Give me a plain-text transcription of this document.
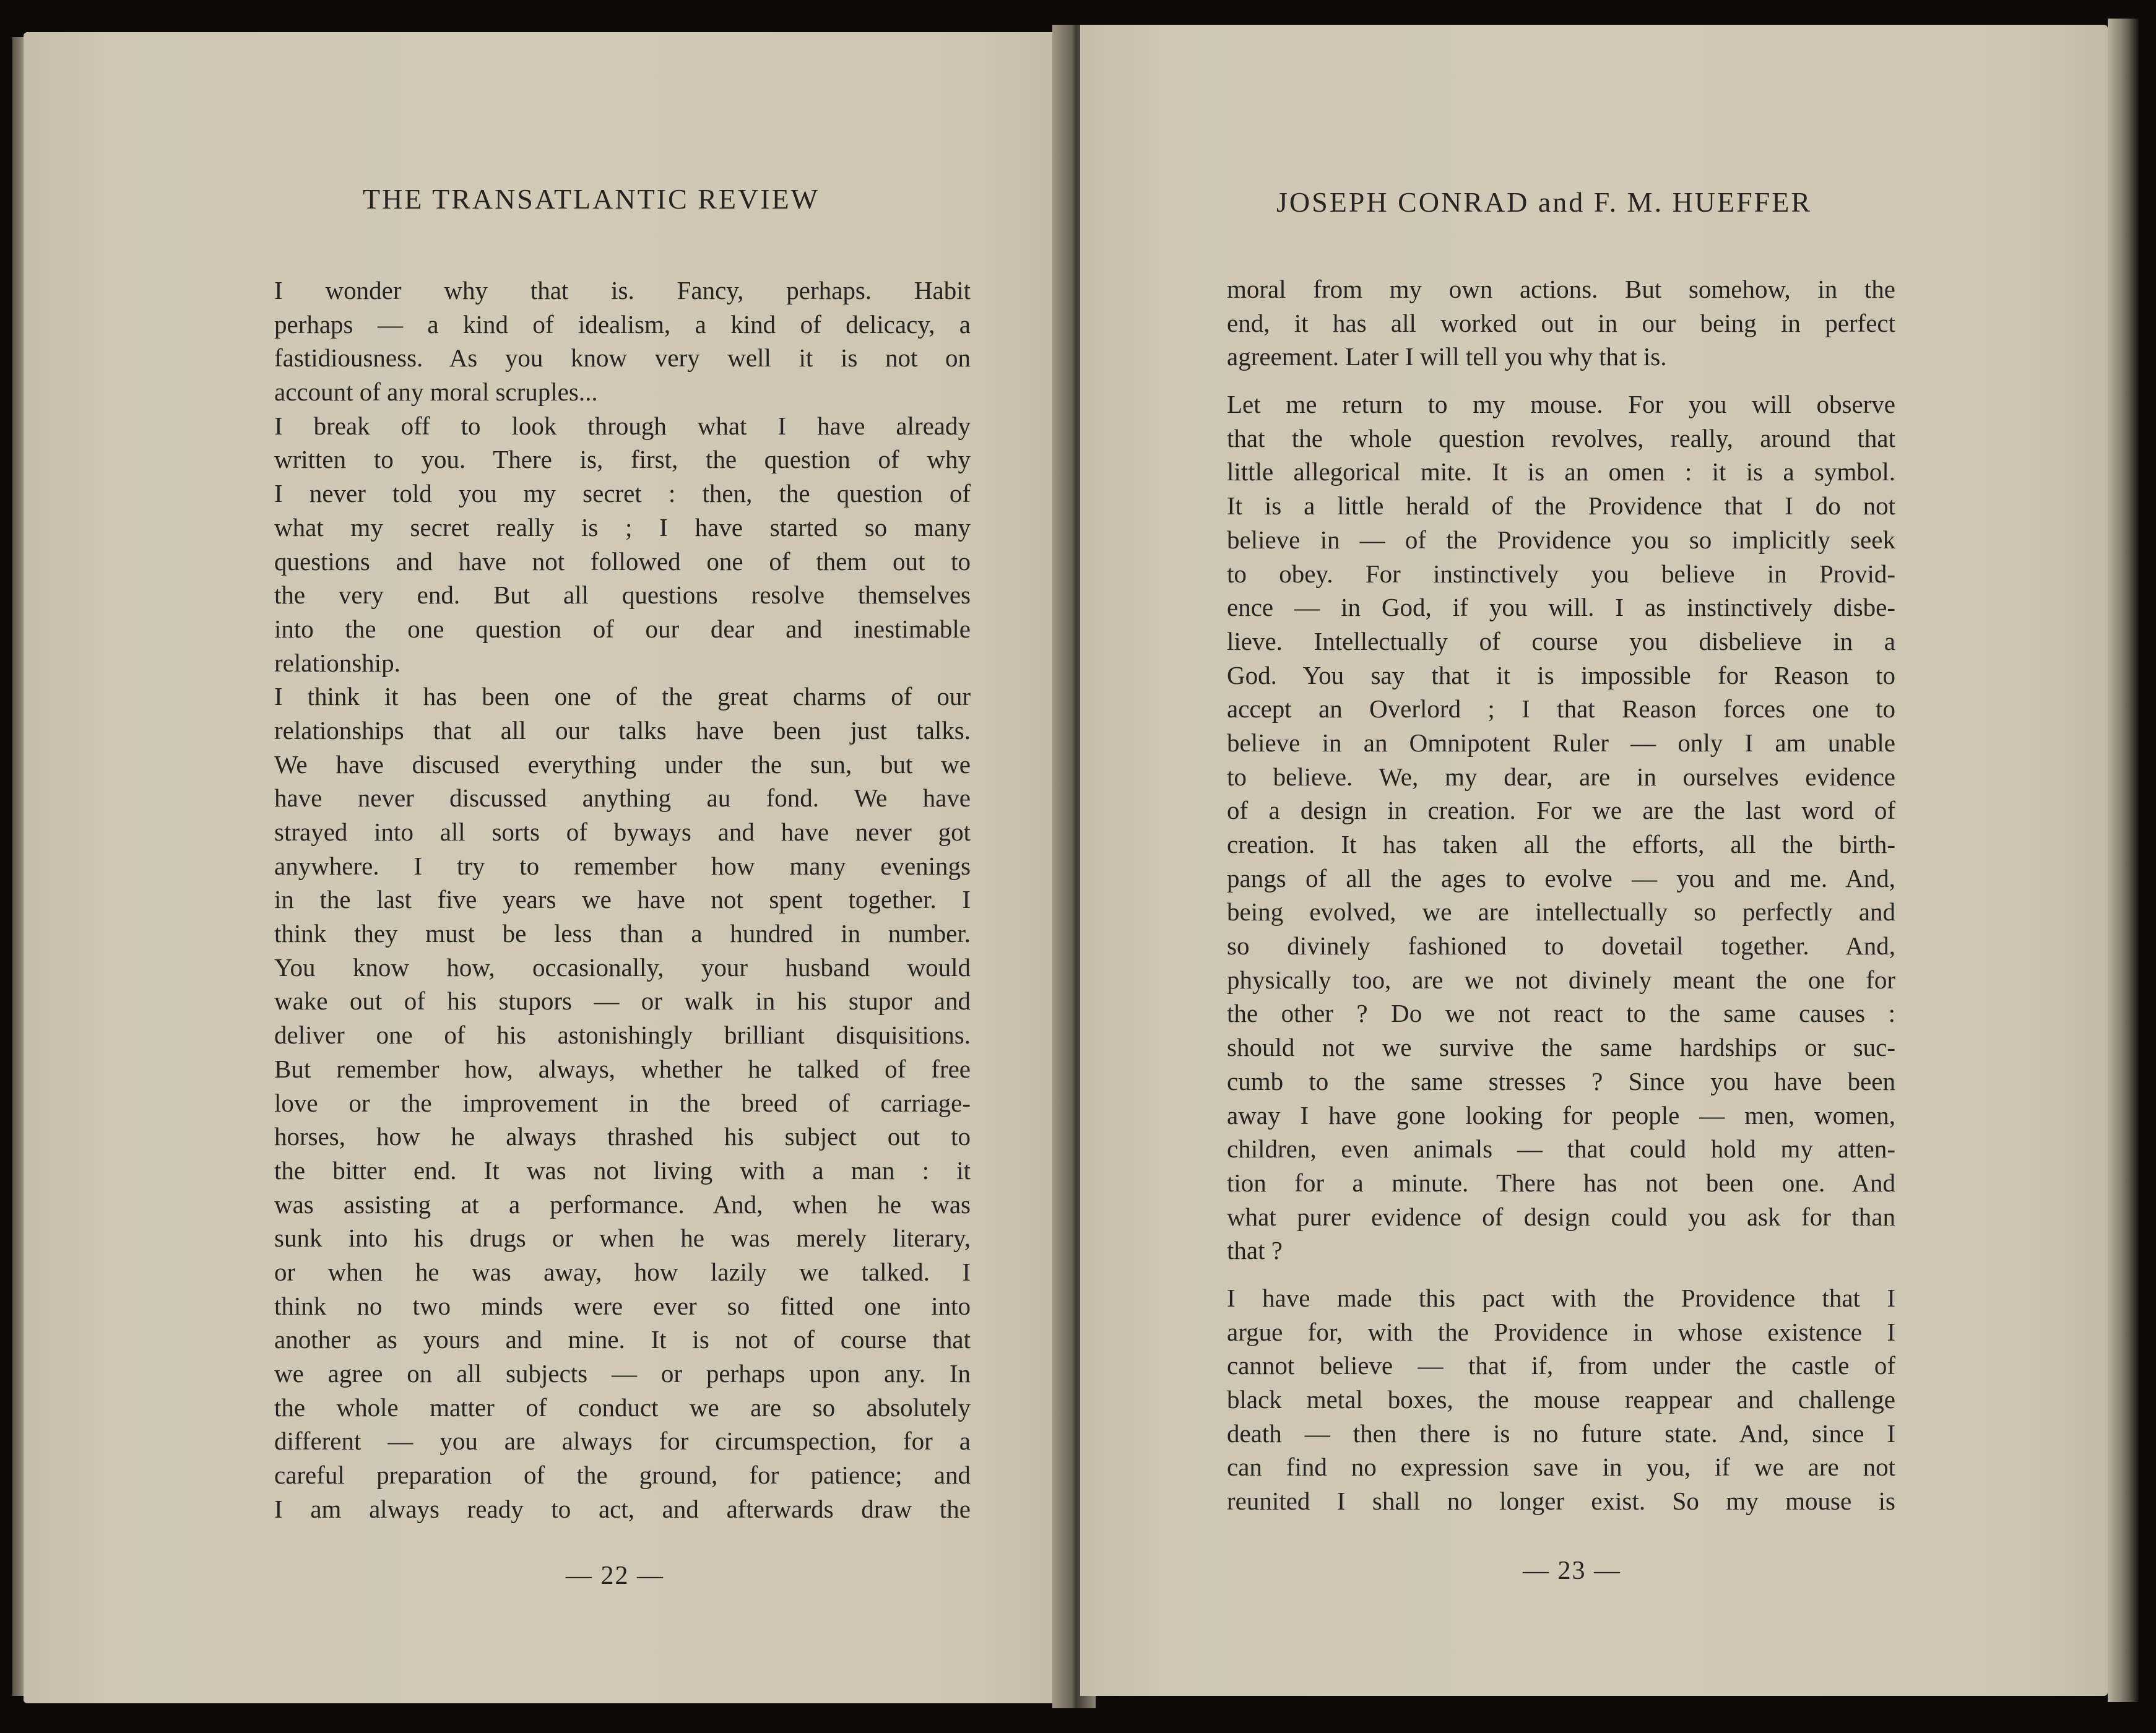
THE TRANSATLANTIC REVIEW
I wonder why that is. Fancy, perhaps. Habit
perhaps — a kind of idealism, a kind of delicacy, a
fastidiousness. As you know very well it is not on
account of any moral scruples...
I break off to look through what I have already
written to you. There is, first, the question of why
I never told you my secret : then, the question of
what my secret really is ; I have started so many
questions and have not followed one of them out to
the very end. But all questions resolve themselves
into the one question of our dear and inestimable
relationship.
I think it has been one of the great charms of our
relationships that all our talks have been just talks.
We have discused everything under the sun, but we
have never discussed anything au fond. We have
strayed into all sorts of byways and have never got
anywhere. I try to remember how many evenings
in the last five years we have not spent together. I
think they must be less than a hundred in number.
You know how, occasionally, your husband would
wake out of his stupors — or walk in his stupor and
deliver one of his astonishingly brilliant disquisitions.
But remember how, always, whether he talked of free
love or the improvement in the breed of carriage-
horses, how he always thrashed his subject out to
the bitter end. It was not living with a man : it
was assisting at a performance. And, when he was
sunk into his drugs or when he was merely literary,
or when he was away, how lazily we talked. I
think no two minds were ever so fitted one into
another as yours and mine. It is not of course that
we agree on all subjects — or perhaps upon any. In
the whole matter of conduct we are so absolutely
different — you are always for circumspection, for a
careful preparation of the ground, for patience; and
I am always ready to act, and afterwards draw the
— 22 —
JOSEPH CONRAD and F. M. HUEFFER
moral from my own actions. But somehow, in the
end, it has all worked out in our being in perfect
agreement. Later I will tell you why that is.
Let me return to my mouse. For you will observe
that the whole question revolves, really, around that
little allegorical mite. It is an omen : it is a symbol.
It is a little herald of the Providence that I do not
believe in — of the Providence you so implicitly seek
to obey. For instinctively you believe in Provid-
ence — in God, if you will. I as instinctively disbe-
lieve. Intellectually of course you disbelieve in a
God. You say that it is impossible for Reason to
accept an Overlord ; I that Reason forces one to
believe in an Omnipotent Ruler — only I am unable
to believe. We, my dear, are in ourselves evidence
of a design in creation. For we are the last word of
creation. It has taken all the efforts, all the birth-
pangs of all the ages to evolve — you and me. And,
being evolved, we are intellectually so perfectly and
so divinely fashioned to dovetail together. And,
physically too, are we not divinely meant the one for
the other ? Do we not react to the same causes :
should not we survive the same hardships or suc-
cumb to the same stresses ? Since you have been
away I have gone looking for people — men, women,
children, even animals — that could hold my atten-
tion for a minute. There has not been one. And
what purer evidence of design could you ask for than
that ?
I have made this pact with the Providence that I
argue for, with the Providence in whose existence I
cannot believe — that if, from under the castle of
black metal boxes, the mouse reappear and challenge
death — then there is no future state. And, since I
can find no expression save in you, if we are not
reunited I shall no longer exist. So my mouse is
— 23 —
